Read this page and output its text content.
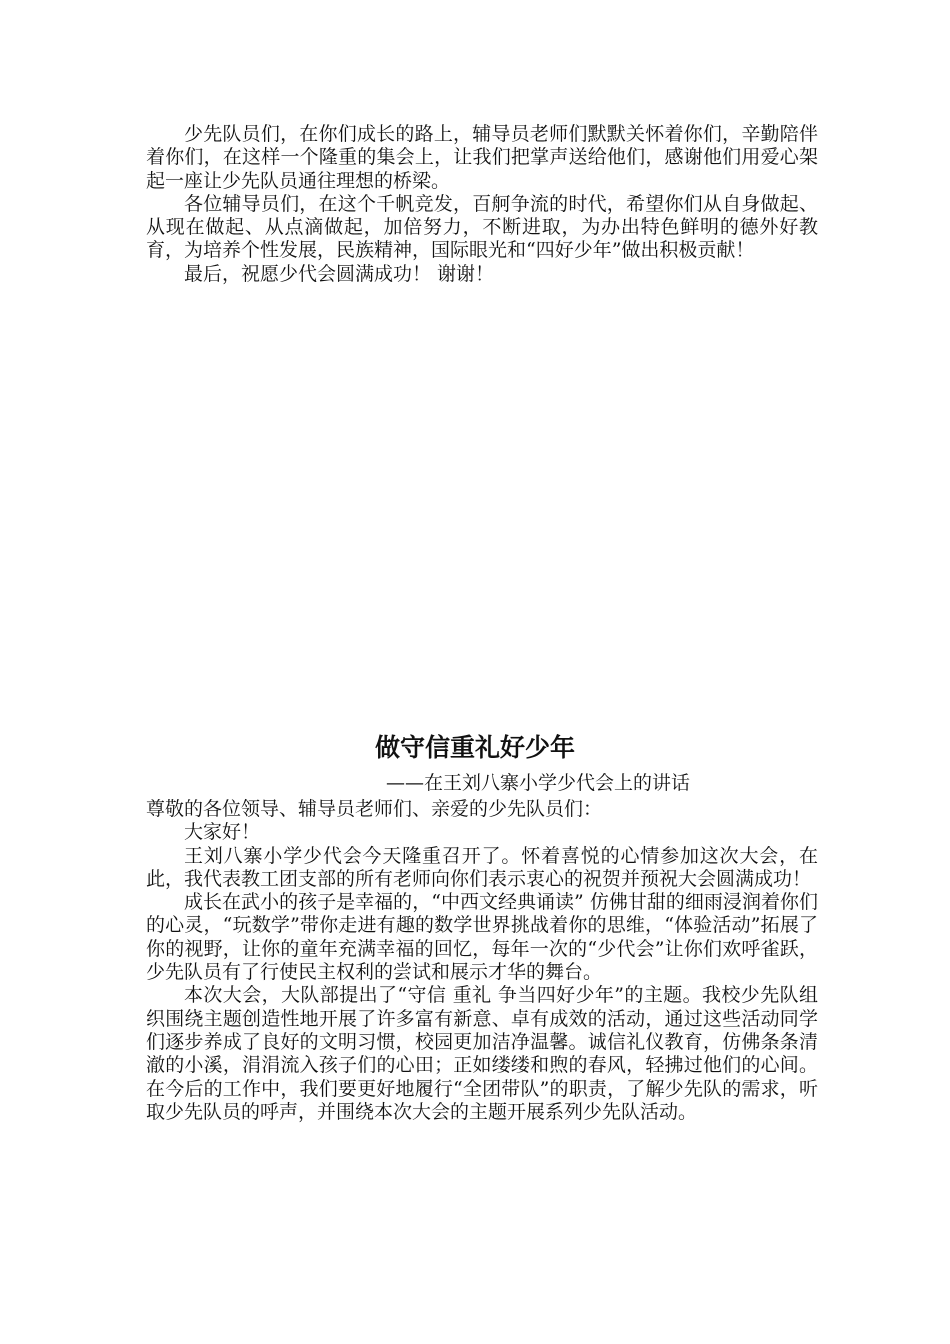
少先队员们，在你们成长的路上，辅导员老师们默默关怀着你们，辛勤陪伴着你们，在这样一个隆重的集会上，让我们把掌声送给他们，感谢他们用爱心架起一座让少先队员通往理想的桥梁。

各位辅导员们，在这个千帆竞发，百舸争流的时代，希望你们从自身做起、从现在做起、从点滴做起，加倍努力，不断进取，为办出特色鲜明的德外好教育，为培养个性发展，民族精神，国际眼光和“四好少年”做出积极贡献！

最后，祝愿少代会圆满成功！ 谢谢！

做守信重礼好少年
——在王刘八寨小学少代会上的讲话

尊敬的各位领导、辅导员老师们、亲爱的少先队员们：

大家好！

王刘八寨小学少代会今天隆重召开了。怀着喜悦的心情参加这次大会，在此，我代表教工团支部的所有老师向你们表示衷心的祝贺并预祝大会圆满成功！

成长在武小的孩子是幸福的，“中西文经典诵读” 仿佛甘甜的细雨浸润着你们的心灵，“玩数学”带你走进有趣的数学世界挑战着你的思维，“体验活动”拓展了你的视野，让你的童年充满幸福的回忆，每年一次的“少代会”让你们欢呼雀跃，少先队员有了行使民主权利的尝试和展示才华的舞台。

本次大会，大队部提出了“守信 重礼 争当四好少年”的主题。我校少先队组织围绕主题创造性地开展了许多富有新意、卓有成效的活动，通过这些活动同学们逐步养成了良好的文明习惯，校园更加洁净温馨。诚信礼仪教育，仿佛条条清澈的小溪，涓涓流入孩子们的心田；正如缕缕和煦的春风，轻拂过他们的心间。在今后的工作中，我们要更好地履行“全团带队”的职责，了解少先队的需求，听取少先队员的呼声，并围绕本次大会的主题开展系列少先队活动。
